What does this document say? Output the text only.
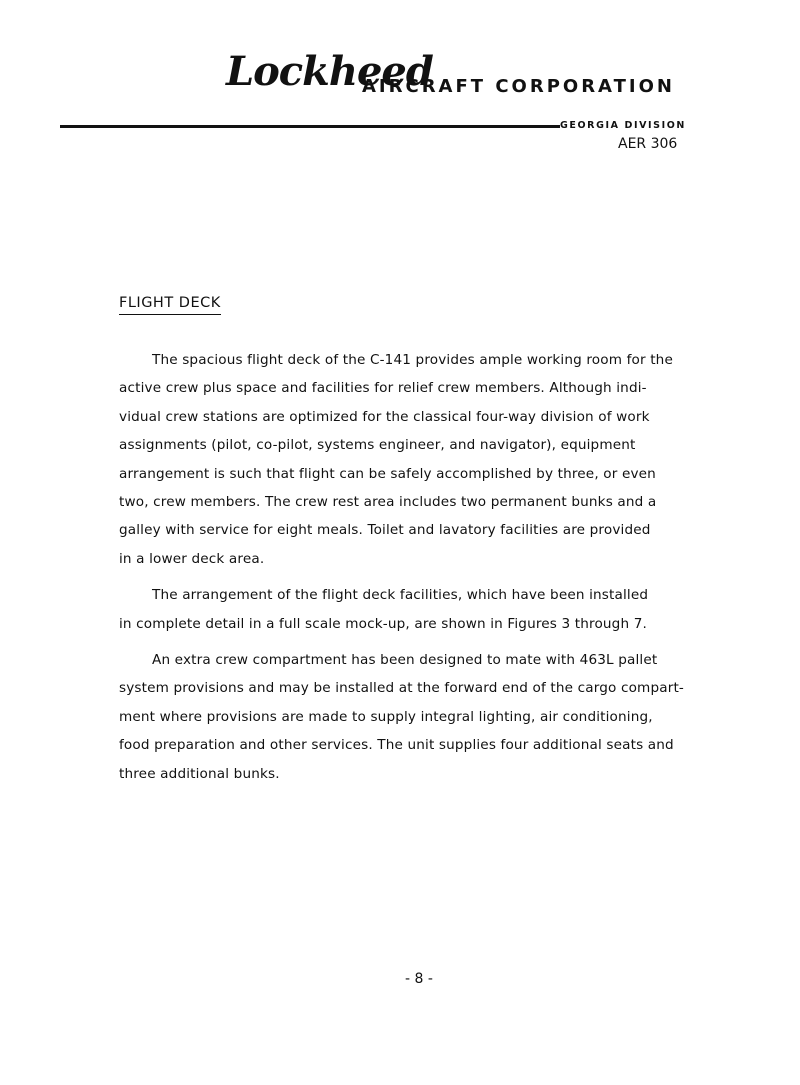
Lockheed
AIRCRAFT CORPORATION
GEORGIA DIVISION
AER 306
FLIGHT DECK
The spacious flight deck of the C-141 provides ample working room for the
active crew plus space and facilities for relief crew members. Although indi-
vidual crew stations are optimized for the classical four-way division of work
assignments (pilot, co-pilot, systems engineer, and navigator), equipment
arrangement is such that flight can be safely accomplished by three, or even
two, crew members. The crew rest area includes two permanent bunks and a
galley with service for eight meals. Toilet and lavatory facilities are provided
in a lower deck area.
The arrangement of the flight deck facilities, which have been installed
in complete detail in a full scale mock-up, are shown in Figures 3 through 7.
An extra crew compartment has been designed to mate with 463L pallet
system provisions and may be installed at the forward end of the cargo compart-
ment where provisions are made to supply integral lighting, air conditioning,
food preparation and other services. The unit supplies four additional seats and
three additional bunks.
- 8 -
